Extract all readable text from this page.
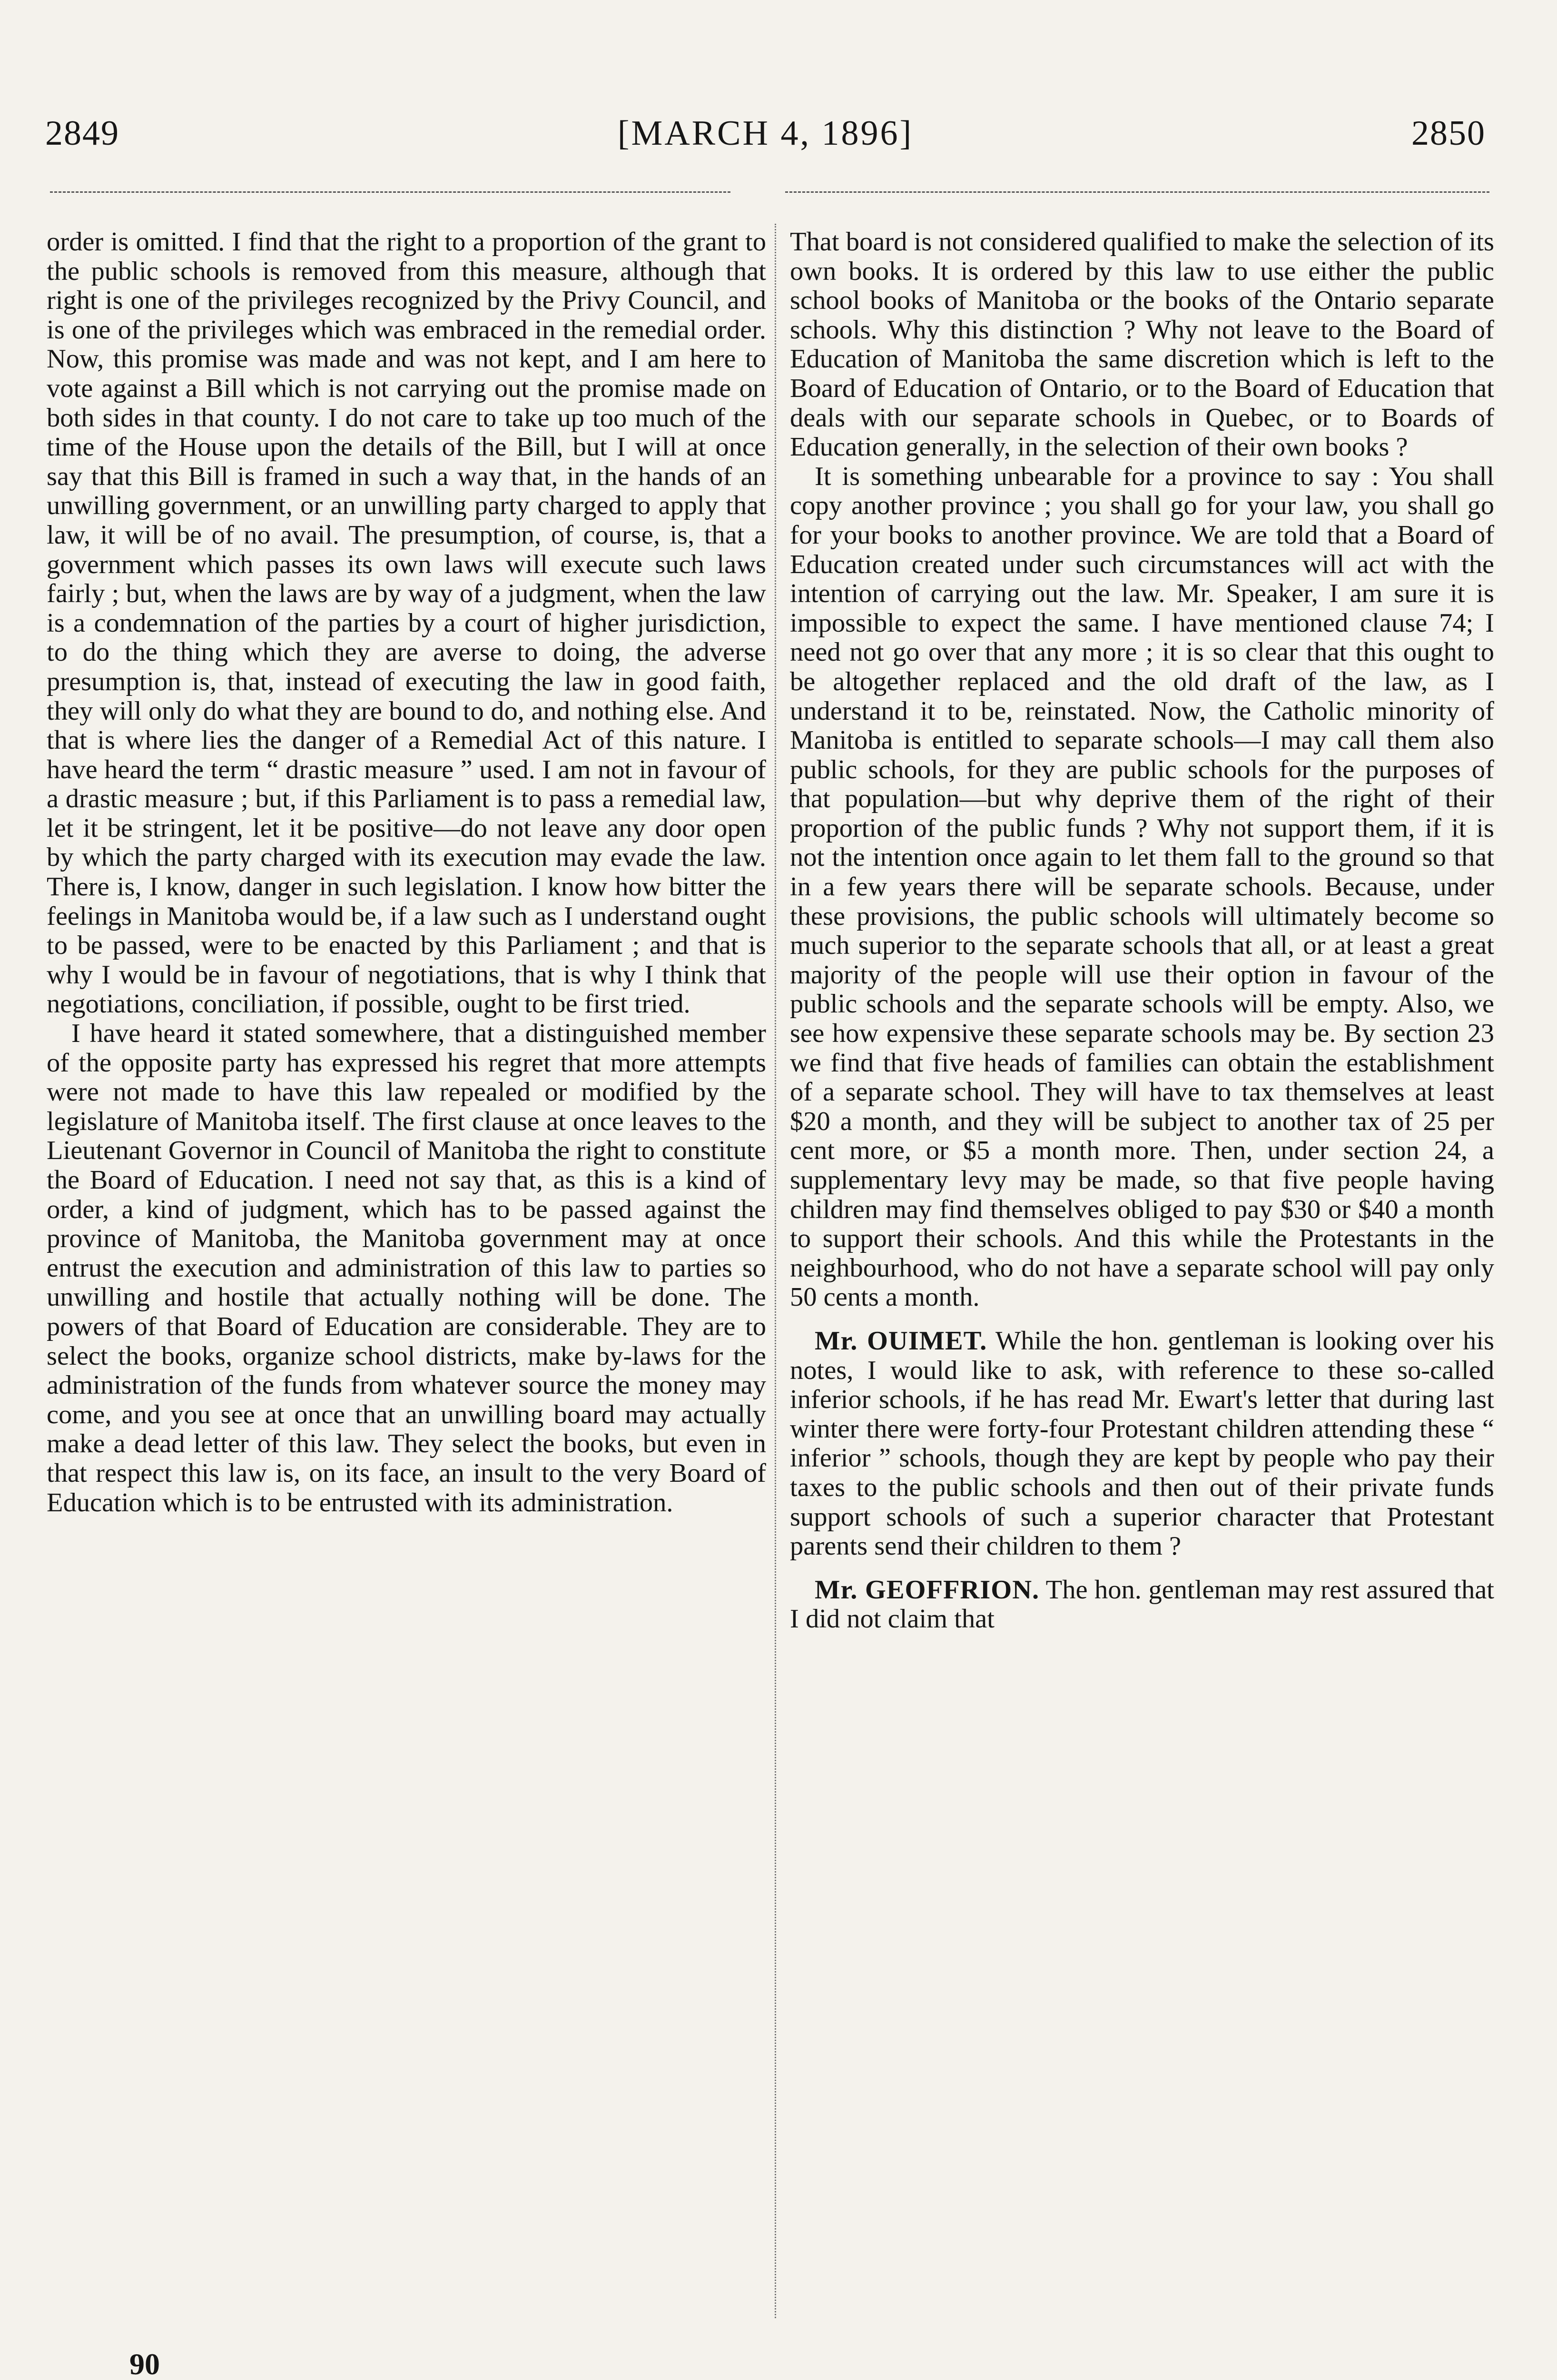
2849	[MARCH 4, 1896]	2850

order is omitted. I find that the right to a proportion of the grant to the public schools is removed from this measure, although that right is one of the privileges recognized by the Privy Council, and is one of the privileges which was embraced in the remedial order. Now, this promise was made and was not kept, and I am here to vote against a Bill which is not carrying out the promise made on both sides in that county. I do not care to take up too much of the time of the House upon the details of the Bill, but I will at once say that this Bill is framed in such a way that, in the hands of an unwilling government, or an unwilling party charged to apply that law, it will be of no avail. The presumption, of course, is, that a government which passes its own laws will execute such laws fairly ; but, when the laws are by way of a judgment, when the law is a condemnation of the parties by a court of higher jurisdiction, to do the thing which they are averse to doing, the adverse presumption is, that, instead of executing the law in good faith, they will only do what they are bound to do, and nothing else. And that is where lies the danger of a Remedial Act of this nature. I have heard the term “ drastic measure ” used. I am not in favour of a drastic measure ; but, if this Parliament is to pass a remedial law, let it be stringent, let it be positive—do not leave any door open by which the party charged with its execution may evade the law. There is, I know, danger in such legislation. I know how bitter the feelings in Manitoba would be, if a law such as I understand ought to be passed, were to be enacted by this Parliament ; and that is why I would be in favour of negotiations, that is why I think that negotiations, conciliation, if possible, ought to be first tried.

I have heard it stated somewhere, that a distinguished member of the opposite party has expressed his regret that more attempts were not made to have this law repealed or modified by the legislature of Manitoba itself. The first clause at once leaves to the Lieutenant Governor in Council of Manitoba the right to constitute the Board of Education. I need not say that, as this is a kind of order, a kind of judgment, which has to be passed against the province of Manitoba, the Manitoba government may at once entrust the execution and administration of this law to parties so unwilling and hostile that actually nothing will be done. The powers of that Board of Education are considerable. They are to select the books, organize school districts, make by-laws for the administration of the funds from whatever source the money may come, and you see at once that an unwilling board may actually make a dead letter of this law. They select the books, but even in that respect this law is, on its face, an insult to the very Board of Education which is to be entrusted with its administration.

That board is not considered qualified to make the selection of its own books. It is ordered by this law to use either the public school books of Manitoba or the books of the Ontario separate schools. Why this distinction ? Why not leave to the Board of Education of Manitoba the same discretion which is left to the Board of Education of Ontario, or to the Board of Education that deals with our separate schools in Quebec, or to Boards of Education generally, in the selection of their own books ?

It is something unbearable for a province to say : You shall copy another province ; you shall go for your law, you shall go for your books to another province. We are told that a Board of Education created under such circumstances will act with the intention of carrying out the law. Mr. Speaker, I am sure it is impossible to expect the same. I have mentioned clause 74; I need not go over that any more ; it is so clear that this ought to be altogether replaced and the old draft of the law, as I understand it to be, reinstated. Now, the Catholic minority of Manitoba is entitled to separate schools—I may call them also public schools, for they are public schools for the purposes of that population—but why deprive them of the right of their proportion of the public funds ? Why not support them, if it is not the intention once again to let them fall to the ground so that in a few years there will be separate schools. Because, under these provisions, the public schools will ultimately become so much superior to the separate schools that all, or at least a great majority of the people will use their option in favour of the public schools and the separate schools will be empty. Also, we see how expensive these separate schools may be. By section 23 we find that five heads of families can obtain the establishment of a separate school. They will have to tax themselves at least $20 a month, and they will be subject to another tax of 25 per cent more, or $5 a month more. Then, under section 24, a supplementary levy may be made, so that five people having children may find themselves obliged to pay $30 or $40 a month to support their schools. And this while the Protestants in the neighbourhood, who do not have a separate school will pay only 50 cents a month.

Mr. OUIMET. While the hon. gentleman is looking over his notes, I would like to ask, with reference to these so-called inferior schools, if he has read Mr. Ewart's letter that during last winter there were forty-four Protestant children attending these “ inferior ” schools, though they are kept by people who pay their taxes to the public schools and then out of their private funds support schools of such a superior character that Protestant parents send their children to them ?

Mr. GEOFFRION. The hon. gentleman may rest assured that I did not claim that

90
